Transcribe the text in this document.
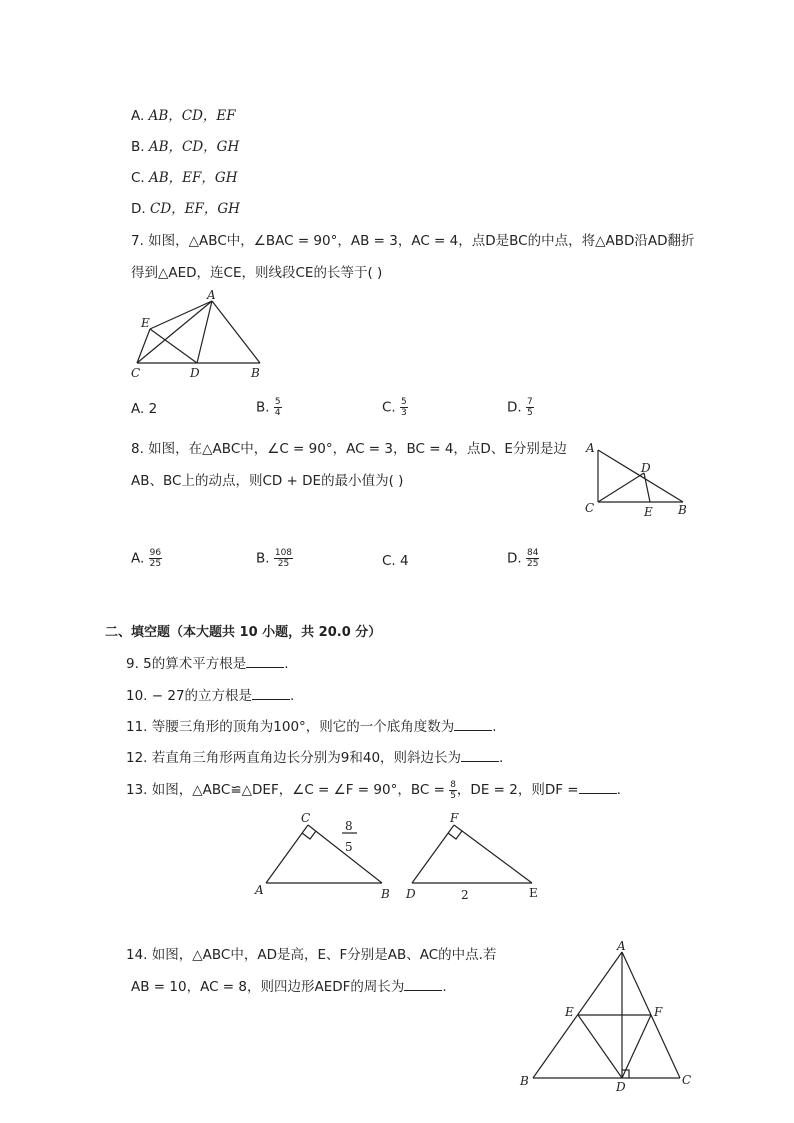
A. AB，CD，EF
B. AB，CD，GH
C. AB，EF，GH
D. CD，EF，GH
7. 如图，△ABC中，∠BAC = 90°，AB = 3，AC = 4，点D是BC的中点，将△ABD沿AD翻折
得到△AED，连CE，则线段CE的长等于( )
A
E
C	D	B
A. 2	B. $\frac{5}{4}$	C. $\frac{5}{3}$	D. $\frac{7}{5}$
8. 如图，在△ABC中，∠C = 90°，AC = 3，BC = 4，点D、E分别是边
AB、BC上的动点，则CD + DE的最小值为( )
A
D
C	E B
A. $\frac{96}{25}$	B. $\frac{108}{25}$	C. 4	D. $\frac{84}{25}$
二、填空题（本大题共 10 小题，共 20.0 分）
9. 5的算术平方根是	.
10. − 27的立方根是	.
11. 等腰三角形的顶角为100°，则它的一个底角度数为	.
12. 若直角三角形两直角边长分别为9和40，则斜边长为	.
13. 如图，△ABC≌△DEF，∠C = ∠F = 90°，BC = $\frac{8}{5}$ ，DE = 2，则DF =	.
C
A	B
8
5
F
D	E
2
14. 如图，△ABC中，AD是高，E、F分别是AB、AC的中点.若
AB = 10，AC = 8，则四边形AEDF的周长为	.
A
E	F
B	D	C
